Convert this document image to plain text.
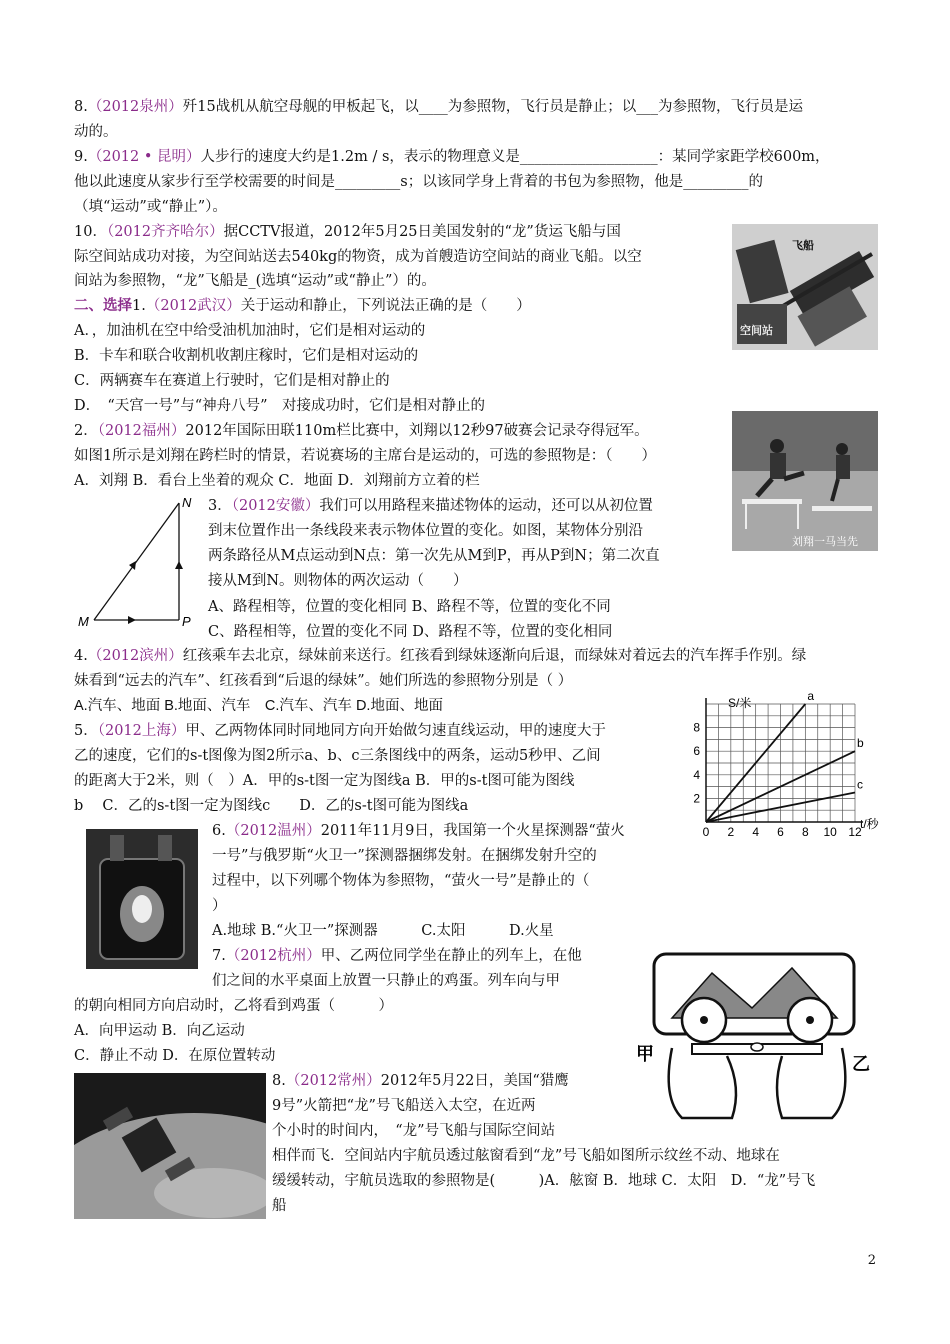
8.（2012泉州）歼15战机从航空母舰的甲板起飞，以____为参照物，飞行员是静止；以___为参照物，飞行员是运
动的。
9.（2012 • 昆明）人步行的速度大约是1.2m / s，表示的物理意义是___________________：某同学家距学校600m，
他以此速度从家步行至学校需要的时间是_________s；以该同学身上背着的书包为参照物，他是_________的
（填“运动”或“静止”）。
10．（2012齐齐哈尔）据CCTV报道，2012年5月25日美国发射的“龙”货运飞船与国
际空间站成功对接，为空间站送去540kg的物资，成为首艘造访空间站的商业飞船。以空
间站为参照物，“龙”飞船是_(选填“运动”或“静止”）的。
二、选择1.（2012武汉）关于运动和静止，下列说法正确的是（　　）
A．，加油机在空中给受油机加油时，它们是相对运动的
B．卡车和联合收割机收割庄稼时，它们是相对运动的
C．两辆赛车在赛道上行驶时，它们是相对静止的
D．　“天宫一号”与“神舟八号”　对接成功时，它们是相对静止的
2．（2012福州）2012年国际田联110m栏比赛中，刘翔以12秒97破赛会记录夺得冠军。
如图1所示是刘翔在跨栏时的情景，若说赛场的主席台是运动的，可选的参照物是：（　　）
A．刘翔 B．看台上坐着的观众 C．地面 D．刘翔前方立着的栏
3．（2012安徽）我们可以用路程来描述物体的运动，还可以从初位置
到末位置作出一条线段来表示物体位置的变化。如图，某物体分别沿
两条路径从M点运动到N点：第一次先从M到P，再从P到N；第二次直
接从M到N。则物体的两次运动（　　）
A、路程相等，位置的变化相同 B、路程不等，位置的变化不同
C、路程相等，位置的变化不同 D、路程不等，位置的变化相同
4.（2012滨州）红孩乘车去北京，绿妹前来送行。红孩看到绿妹逐渐向后退，而绿妹对着远去的汽车挥手作别。绿
妹看到“远去的汽车”、红孩看到“后退的绿妹”。她们所选的参照物分别是（ ）
A.汽车、地面 B.地面、汽车　C.汽车、汽车 D.地面、地面
5．（2012上海）甲、乙两物体同时同地同方向开始做匀速直线运动，甲的速度大于
乙的速度，它们的s-t图像为图2所示a、b、c三条图线中的两条，运动5秒甲、乙间
的距离大于2米，则（　）A．甲的s-t图一定为图线a B．甲的s-t图可能为图线
b　 C．乙的s-t图一定为图线c　　D．乙的s-t图可能为图线a
6.（2012温州）2011年11月9日，我国第一个火星探测器“萤火
一号”与俄罗斯“火卫一”探测器捆绑发射。在捆绑发射升空的
过程中，以下列哪个物体为参照物，“萤火一号”是静止的（
）
A.地球 B.“火卫一”探测器　　　C.太阳　　　D.火星
7.（2012杭州）甲、乙两位同学坐在静止的列车上，在他
们之间的水平桌面上放置一只静止的鸡蛋。列车向与甲
的朝向相同方向启动时，乙将看到鸡蛋（　　　）
A．向甲运动 B．向乙运动
C．静止不动 D．在原位置转动
8.（2012常州）2012年5月22日，美国“猎鹰
9号”火箭把“龙”号飞船送入太空，在近两
个小时的时间内，　“龙”号飞船与国际空间站
相伴而飞．空间站内宇航员透过舷窗看到“龙”号飞船如图所示纹丝不动、地球在
缓缓转动，宇航员选取的参照物是(　　　)A．舷窗 B．地球 C．太阳　D．“龙”号飞
船
飞船
空间站
刘翔一马当先
N
M	P
S/米
t/秒
0 2 4 6 8 10 12
2
4
6
8
a
b
c
甲	乙
2
